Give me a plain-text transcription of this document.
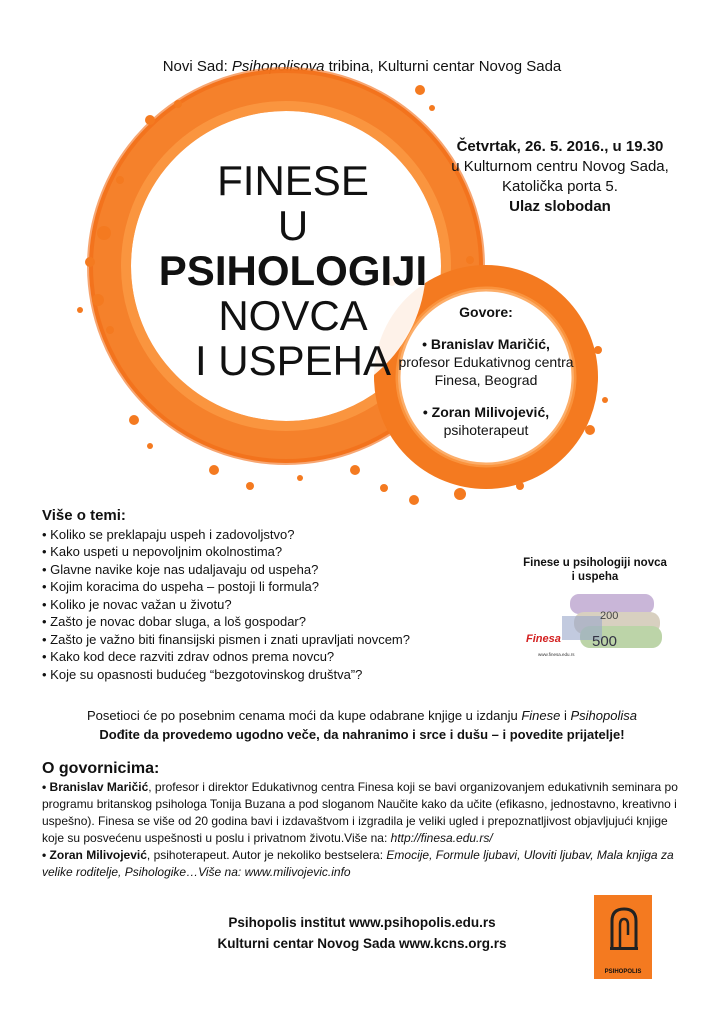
Novi Sad: Psihopolisova tribina, Kulturni centar Novog Sada
FINESE
U
PSIHOLOGIJI
NOVCA
I USPEHA
Četvrtak, 26. 5. 2016., u 19.30
u Kulturnom centru Novog Sada,
Katolička porta 5.
Ulaz slobodan
Govore:
• Branislav Maričić,
profesor Edukativnog centra Finesa, Beograd
• Zoran Milivojević,
psihoterapeut
Više o temi:
• Koliko se preklapaju uspeh i zadovoljstvo?
• Kako uspeti u nepovoljnim okolnostima?
• Glavne navike koje nas udaljavaju od uspeha?
• Kojim koracima do uspeha – postoji li formula?
• Koliko je novac važan u životu?
• Zašto je novac dobar sluga, a loš gospodar?
• Zašto je važno biti finansijski pismen i znati upravljati novcem?
• Kako kod dece razviti zdrav odnos prema novcu?
• Koje su opasnosti budućeg “bezgotovinskog društva”?
Finese u psihologiji novca i uspeha
200
500
Finesa
www.finesa.edu.rs
Posetioci će po posebnim cenama moći da kupe odabrane knjige u izdanju Finese i Psihopolisa
Dođite da provedemo ugodno veče, da nahranimo i srce i dušu – i povedite prijatelje!
O govornicima:
• Branislav Maričić, profesor i direktor Edukativnog centra Finesa koji se bavi organizovanjem edukativnih seminara po programu britanskog psihologa Tonija Buzana a pod sloganom Naučite kako da učite (efikasno, jednostavno, kreativno i uspešno). Finesa se više od 20 godina bavi i izdavaštvom i izgradila je veliki ugled i prepoznatljivost objavljujući knjige koje su posvećenu uspešnosti u poslu i privatnom životu.Više na: http://finesa.edu.rs/
• Zoran Milivojević, psihoterapeut. Autor je nekoliko bestselera: Emocije, Formule ljubavi, Uloviti ljubav, Mala knjiga za velike roditelje, Psihologike…Više na: www.milivojevic.info
Psihopolis institut www.psihopolis.edu.rs
Kulturni centar Novog Sada www.kcns.org.rs
PSIHOPOLIS
